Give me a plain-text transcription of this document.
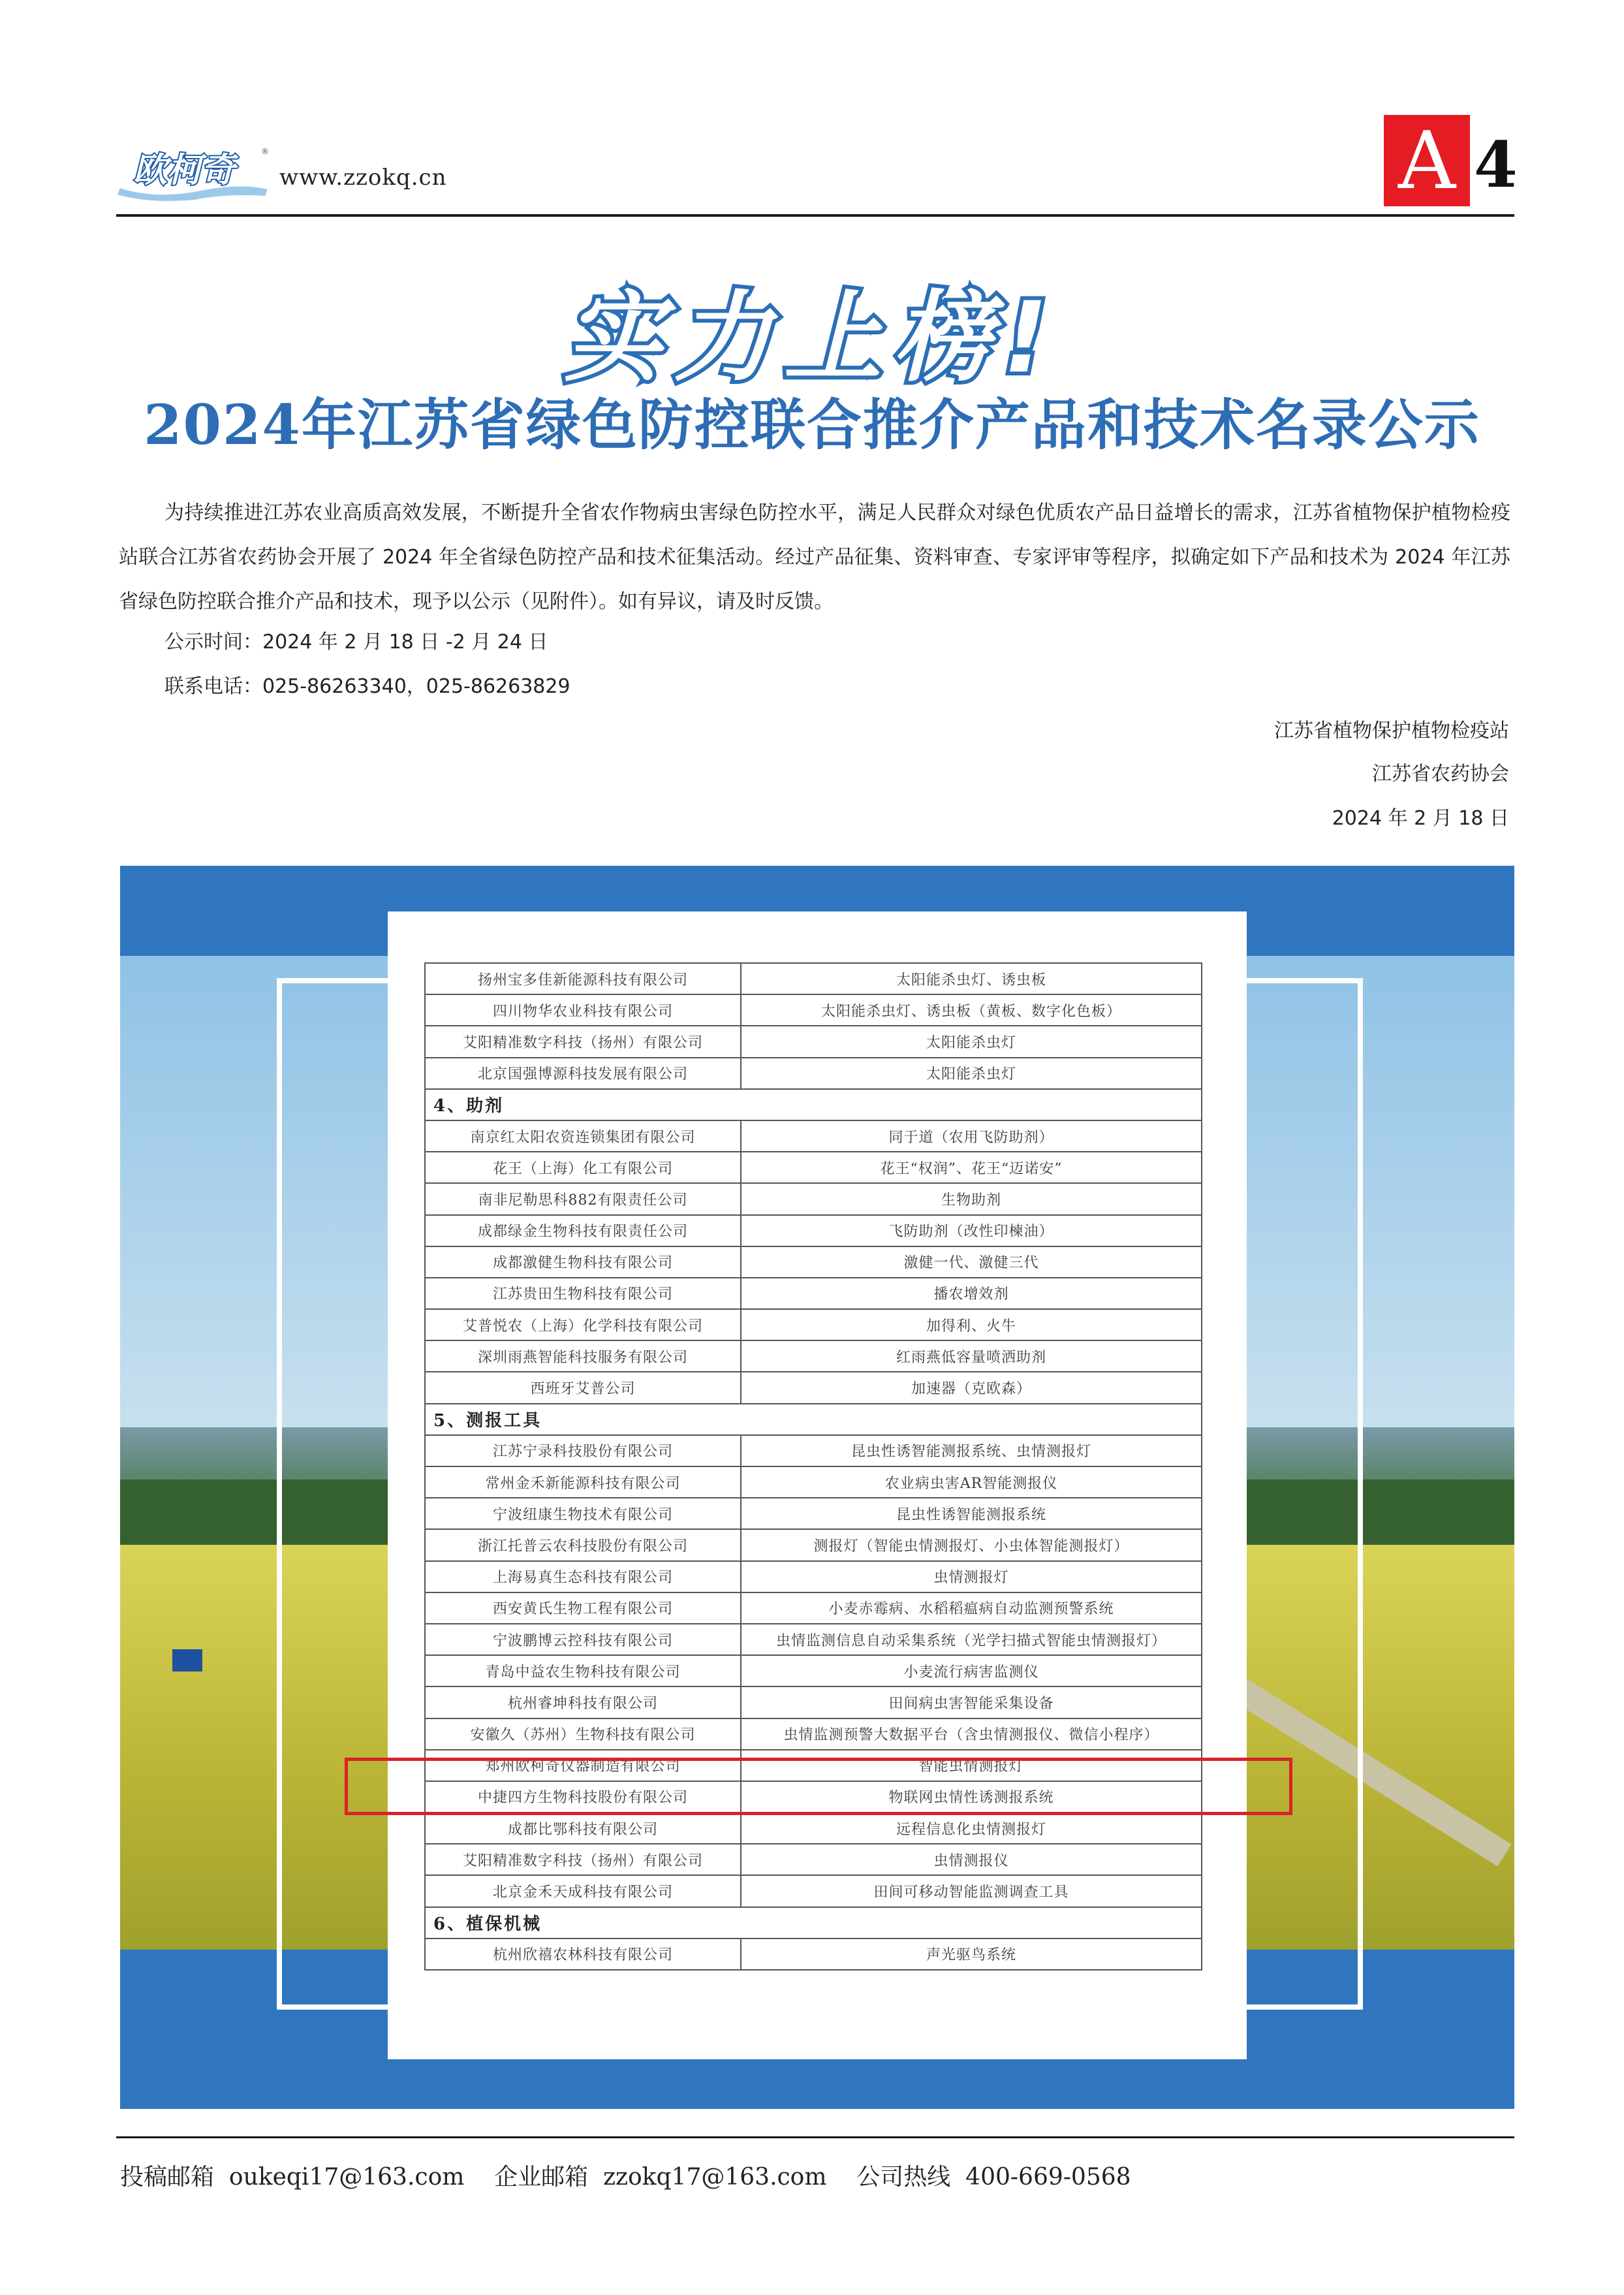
欧柯奇	®
www.zzokq.cn	A 4
实力上榜!
2024年江苏省绿色防控联合推介产品和技术名录公示
为持续推进江苏农业高质高效发展，不断提升全省农作物病虫害绿色防控水平，满足人民群众对绿色优质农产品日益增长的需求，江苏省植物保护植物检疫站联合江苏省农药协会开展了 2024 年全省绿色防控产品和技术征集活动。经过产品征集、资料审查、专家评审等程序，拟确定如下产品和技术为 2024 年江苏省绿色防控联合推介产品和技术，现予以公示（见附件）。如有异议，请及时反馈。
公示时间：2024 年 2 月 18 日 -2 月 24 日
联系电话：025-86263340，025-86263829
江苏省植物保护植物检疫站
江苏省农药协会
2024 年 2 月 18 日
扬州宝多佳新能源科技有限公司	太阳能杀虫灯、诱虫板
四川物华农业科技有限公司	太阳能杀虫灯、诱虫板（黄板、数字化色板）
艾阳精准数字科技（扬州）有限公司	太阳能杀虫灯
北京国强博源科技发展有限公司	太阳能杀虫灯
4、助剂	
南京红太阳农资连锁集团有限公司	同于道（农用飞防助剂）
花王（上海）化工有限公司	花王“权润”、花王“迈诺安”
南非尼勒思科882有限责任公司	生物助剂
成都绿金生物科技有限责任公司	飞防助剂（改性印楝油）
成都激健生物科技有限公司	激健一代、激健三代
江苏贵田生物科技有限公司	播农增效剂
艾普悦农（上海）化学科技有限公司	加得利、火牛
深圳雨燕智能科技服务有限公司	红雨燕低容量喷洒助剂
西班牙艾普公司	加速器（克欧森）
5、测报工具	
江苏宁录科技股份有限公司	昆虫性诱智能测报系统、虫情测报灯
常州金禾新能源科技有限公司	农业病虫害AR智能测报仪
宁波纽康生物技术有限公司	昆虫性诱智能测报系统
浙江托普云农科技股份有限公司	测报灯（智能虫情测报灯、小虫体智能测报灯）
上海易真生态科技有限公司	虫情测报灯
西安黄氏生物工程有限公司	小麦赤霉病、水稻稻瘟病自动监测预警系统
宁波鹏博云控科技有限公司	虫情监测信息自动采集系统（光学扫描式智能虫情测报灯）
青岛中益农生物科技有限公司	小麦流行病害监测仪
杭州睿坤科技有限公司	田间病虫害智能采集设备
安徽久（苏州）生物科技有限公司	虫情监测预警大数据平台（含虫情测报仪、微信小程序）
郑州欧柯奇仪器制造有限公司	智能虫情测报灯
中捷四方生物科技股份有限公司	物联网虫情性诱测报系统
成都比鄂科技有限公司	远程信息化虫情测报灯
艾阳精准数字科技（扬州）有限公司	虫情测报仪
北京金禾天成科技有限公司	田间可移动智能监测调查工具
6、植保机械	
杭州欣禧农林科技有限公司	声光驱鸟系统
投稿邮箱 oukeqi17@163.com 企业邮箱 zzokq17@163.com 公司热线 400-669-0568
